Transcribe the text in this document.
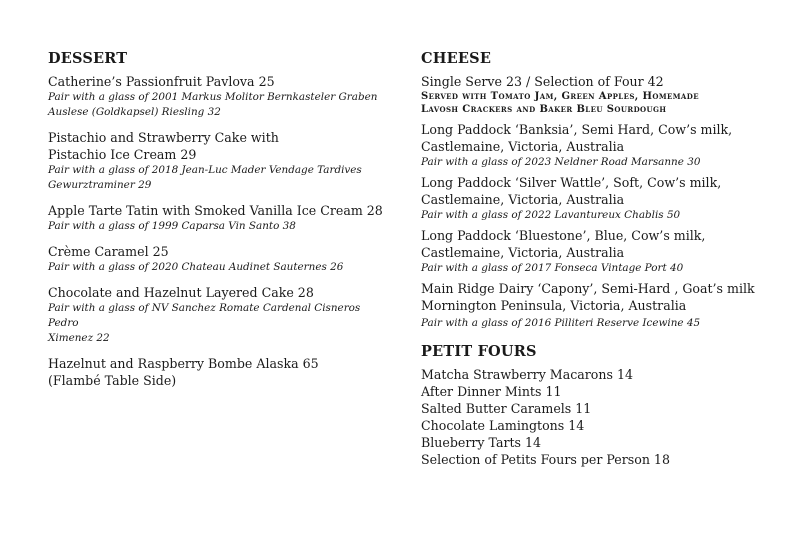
DESSERT
Catherine’s Passionfruit Pavlova 25
Pair with a glass of 2001 Markus Molitor Bernkasteler Graben
Auslese (Goldkapsel) Riesling 32
Pistachio and Strawberry Cake with
Pistachio Ice Cream 29
Pair with a glass of 2018 Jean-Luc Mader Vendage Tardives
Gewurztraminer 29
Apple Tarte Tatin with Smoked Vanilla Ice Cream 28
Pair with a glass of 1999 Caparsa Vin Santo 38
Crème Caramel 25
Pair with a glass of 2020 Chateau Audinet Sauternes 26
Chocolate and Hazelnut Layered Cake 28
Pair with a glass of NV Sanchez Romate Cardenal Cisneros Pedro
Ximenez 22
Hazelnut and Raspberry Bombe Alaska 65
(Flambé Table Side)
CHEESE
Single Serve 23 / Selection of Four 42
Served with Tomato Jam, Green Apples, Homemade
Lavosh Crackers and Baker Bleu Sourdough
Long Paddock ‘Banksia’, Semi Hard, Cow’s milk,
Castlemaine, Victoria, Australia
Pair with a glass of 2023 Neldner Road Marsanne 30
Long Paddock ‘Silver Wattle’, Soft, Cow’s milk,
Castlemaine, Victoria, Australia
Pair with a glass of 2022 Lavantureux Chablis 50
Long Paddock ‘Bluestone’, Blue, Cow’s milk,
Castlemaine, Victoria, Australia
Pair with a glass of 2017 Fonseca Vintage Port 40
Main Ridge Dairy ‘Capony’, Semi-Hard , Goat’s milk
Mornington Peninsula, Victoria, Australia
Pair with a glass of 2016 Pilliteri Reserve Icewine 45
PETIT FOURS
Matcha Strawberry Macarons 14
After Dinner Mints 11
Salted Butter Caramels 11
Chocolate Lamingtons 14
Blueberry Tarts 14
Selection of Petits Fours per Person 18
